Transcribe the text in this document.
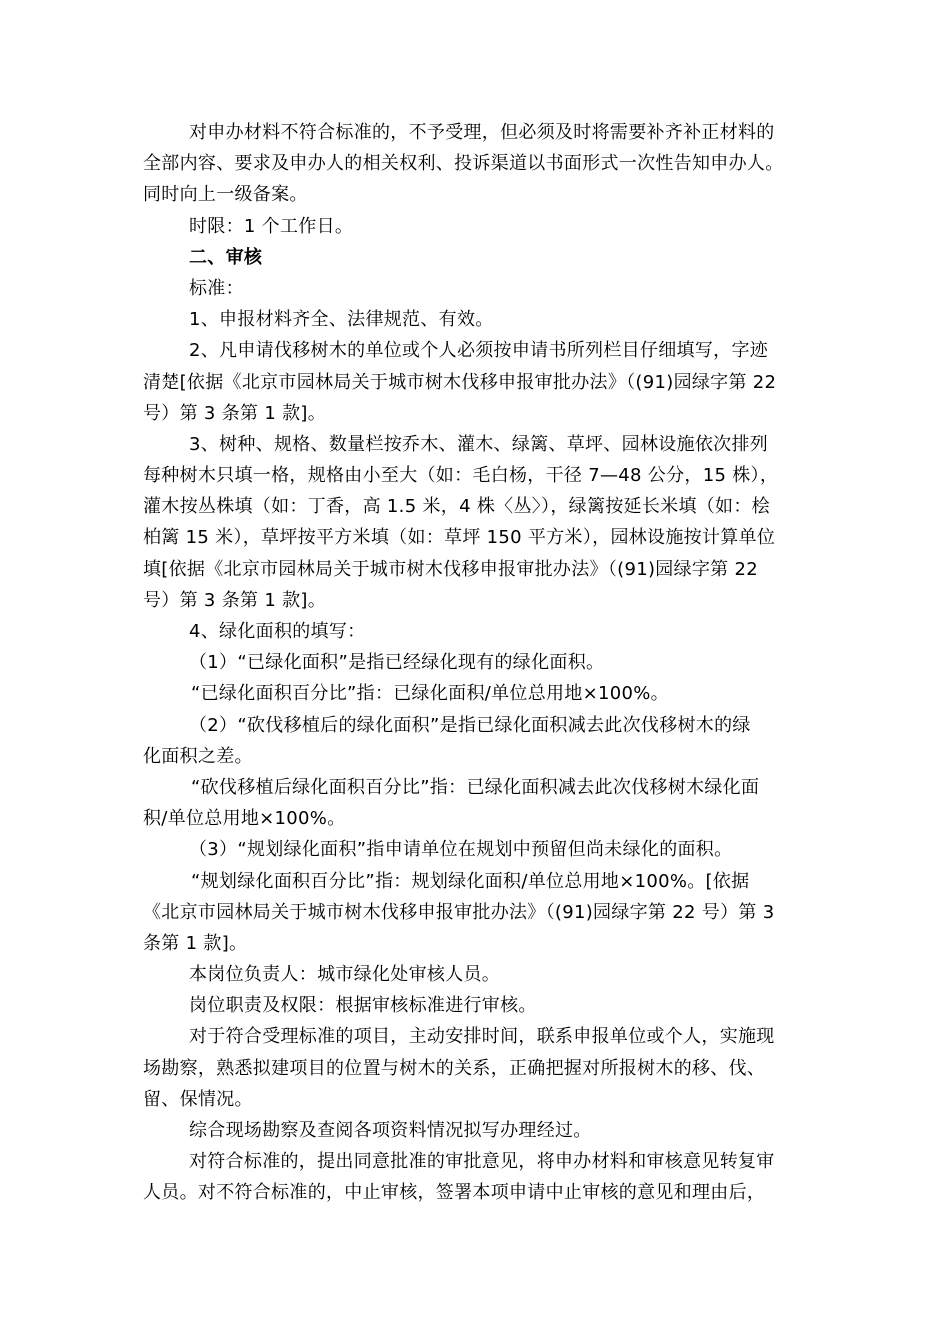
对申办材料不符合标准的，不予受理，但必须及时将需要补齐补正材料的
全部内容、要求及申办人的相关权利、投诉渠道以书面形式一次性告知申办人。
同时向上一级备案。
时限：1 个工作日。
二、审核
标准：
1、申报材料齐全、法律规范、有效。
2、凡申请伐移树木的单位或个人必须按申请书所列栏目仔细填写，字迹
清楚[依据《北京市园林局关于城市树木伐移申报审批办法》（(91)园绿字第 22
号）第 3 条第 1 款]。
3、树种、规格、数量栏按乔木、灌木、绿篱、草坪、园林设施依次排列
每种树木只填一格，规格由小至大（如：毛白杨，干径 7—48 公分，15 株），
灌木按丛株填（如：丁香，高 1.5 米，4 株〈丛〉），绿篱按延长米填（如：桧
柏篱 15 米），草坪按平方米填（如：草坪 150 平方米），园林设施按计算单位
填[依据《北京市园林局关于城市树木伐移申报审批办法》（(91)园绿字第 22
号）第 3 条第 1 款]。
4、绿化面积的填写：
（1）“已绿化面积”是指已经绿化现有的绿化面积。
“已绿化面积百分比”指：已绿化面积/单位总用地×100%。
（2）“砍伐移植后的绿化面积”是指已绿化面积减去此次伐移树木的绿
化面积之差。
“砍伐移植后绿化面积百分比”指：已绿化面积减去此次伐移树木绿化面
积/单位总用地×100%。
（3）“规划绿化面积”指申请单位在规划中预留但尚未绿化的面积。
“规划绿化面积百分比”指：规划绿化面积/单位总用地×100%。[依据
《北京市园林局关于城市树木伐移申报审批办法》（(91)园绿字第 22 号）第 3
条第 1 款]。
本岗位负责人：城市绿化处审核人员。
岗位职责及权限：根据审核标准进行审核。
对于符合受理标准的项目，主动安排时间，联系申报单位或个人，实施现
场勘察，熟悉拟建项目的位置与树木的关系，正确把握对所报树木的移、伐、
留、保情况。
综合现场勘察及查阅各项资料情况拟写办理经过。
对符合标准的，提出同意批准的审批意见，将申办材料和审核意见转复审
人员。对不符合标准的，中止审核，签署本项申请中止审核的意见和理由后，
